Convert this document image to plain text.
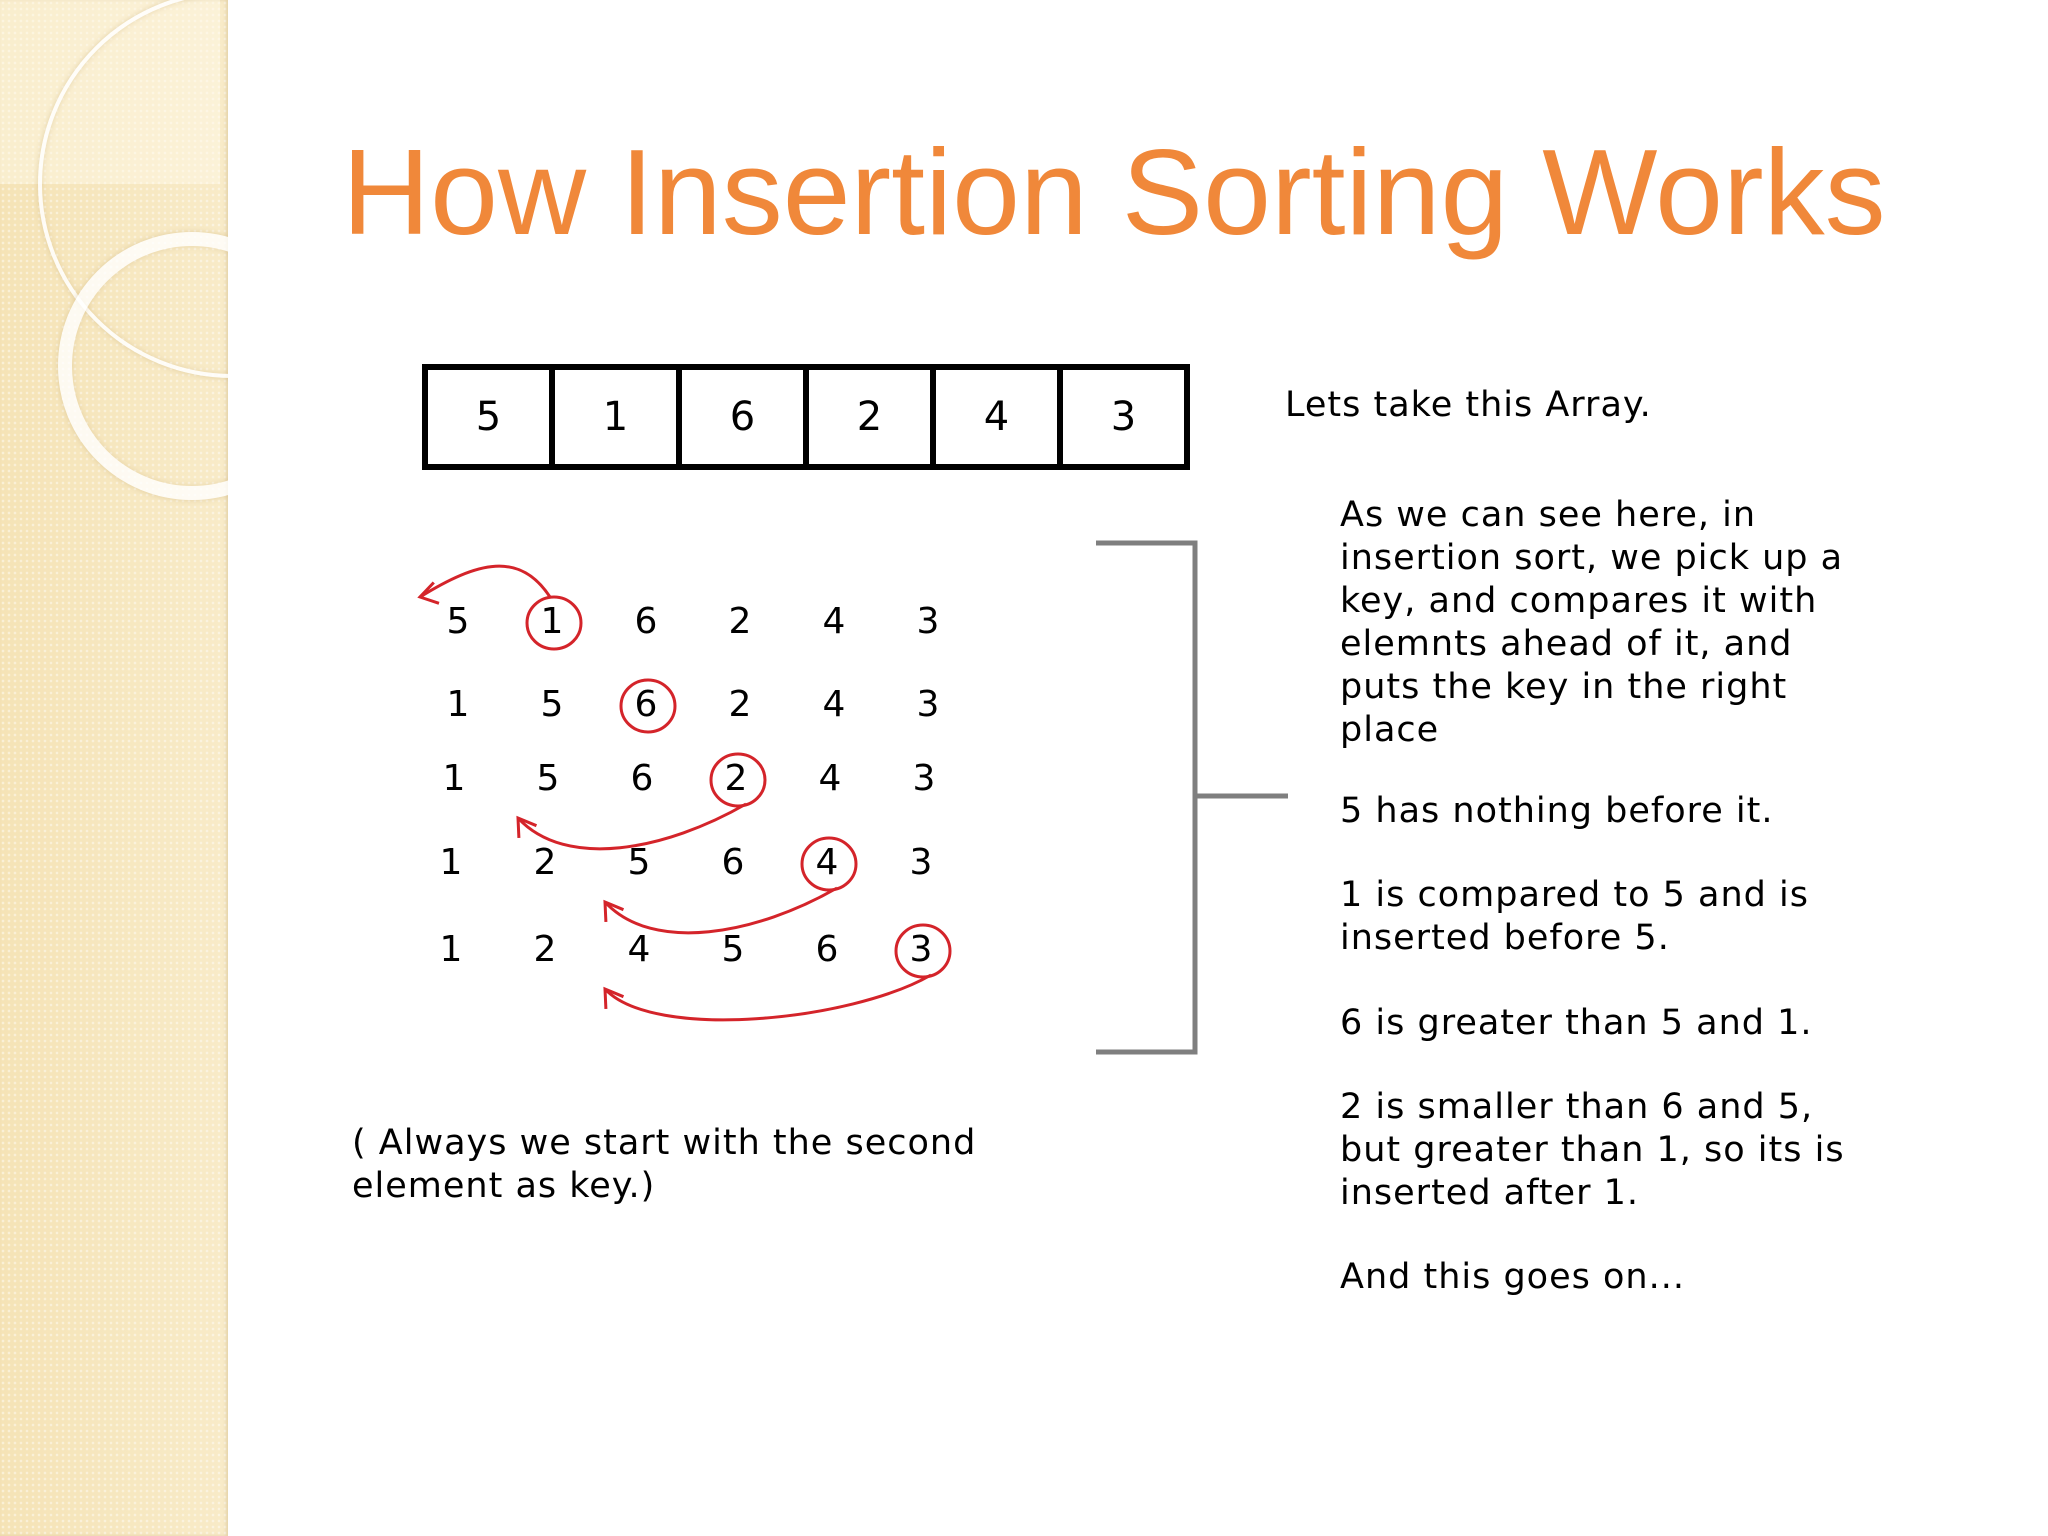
How Insertion Sorting Works
5	1	6	2	4	3	Lets take this Array.
As we can see here, in
insertion sort, we pick up a
key, and compares it with
elemnts ahead of it, and
puts the key in the right
place
5 has nothing before it.
1 is compared to 5 and is
inserted before 5.
6 is greater than 5 and 1.
2 is smaller than 6 and 5,
but greater than 1, so its is
inserted after 1.
And this goes on...
( Always we start with the second
element as key.)
5 1 6 2 4 3
1 5 6 2 4 3
1 5 6 2 4 3
1 2 5 6 4 3
1 2 4 5 6 3
